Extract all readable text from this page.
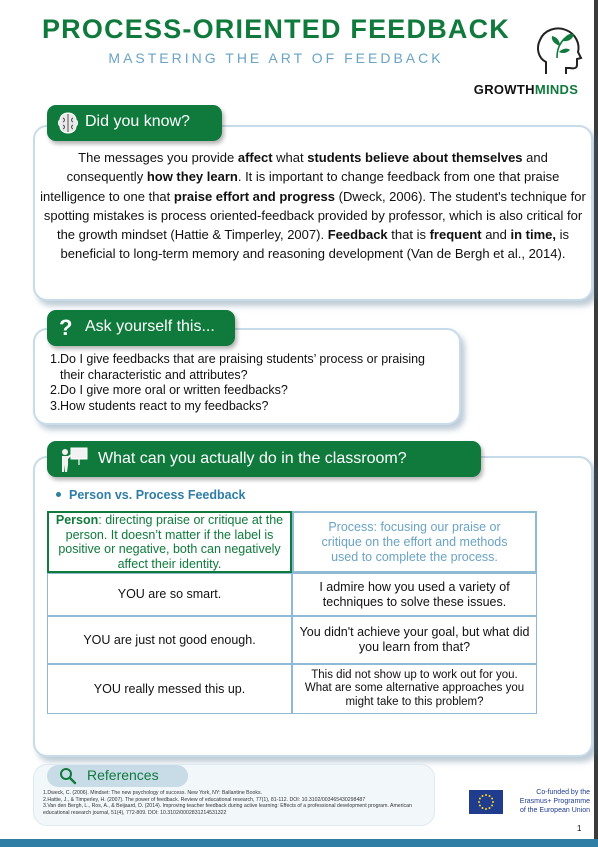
PROCESS-ORIENTED FEEDBACK
MASTERING THE ART OF FEEDBACK
GROWTHMINDS
Did you know?
The messages you provide affect what students believe about themselves and consequently how they learn. It is important to change feedback from one that praise intelligence to one that praise effort and progress (Dweck, 2006). The student's technique for spotting mistakes is process oriented-feedback provided by professor, which is also critical for the growth mindset (Hattie & Timperley, 2007). Feedback that is frequent and in time, is beneficial to long-term memory and reasoning development (Van de Bergh et al., 2014).
? Ask yourself this...
1. Do I give feedbacks that are praising students’ process or praising their characteristic and attributes?
2. Do I give more oral or written feedbacks?
3. How students react to my feedbacks?
What can you actually do in the classroom?
Person vs. Process Feedback
Person: directing praise or critique at the person. It doesn’t matter if the label is positive or negative, both can negatively affect their identity.
Process: focusing our praise or critique on the effort and methods used to complete the process.
YOU are so smart.
I admire how you used a variety of techniques to solve these issues.
YOU are just not good enough.
You didn't achieve your goal, but what did you learn from that?
YOU really messed this up.
This did not show up to work out for you. What are some alternative approaches you might take to this problem?
References
1.Dweck, C. (2006). Mindset: The new psychology of success. New York, NY: Ballantine Books.
2.Hattie, J., & Timperley, H. (2007). The power of feedback. Review of educational research, 77(1), 81-112. DOI: 10.3102/003465430298487
3.Van den Bergh, L., Ros, A., & Beijaard, D. (2014). Improving teacher feedback during active learning: Effects of a professional development program. American educational research journal, 51(4), 772-809. DOI: 10.3102/0002831214531322
Co-funded by the
Erasmus+ Programme
of the European Union
1
